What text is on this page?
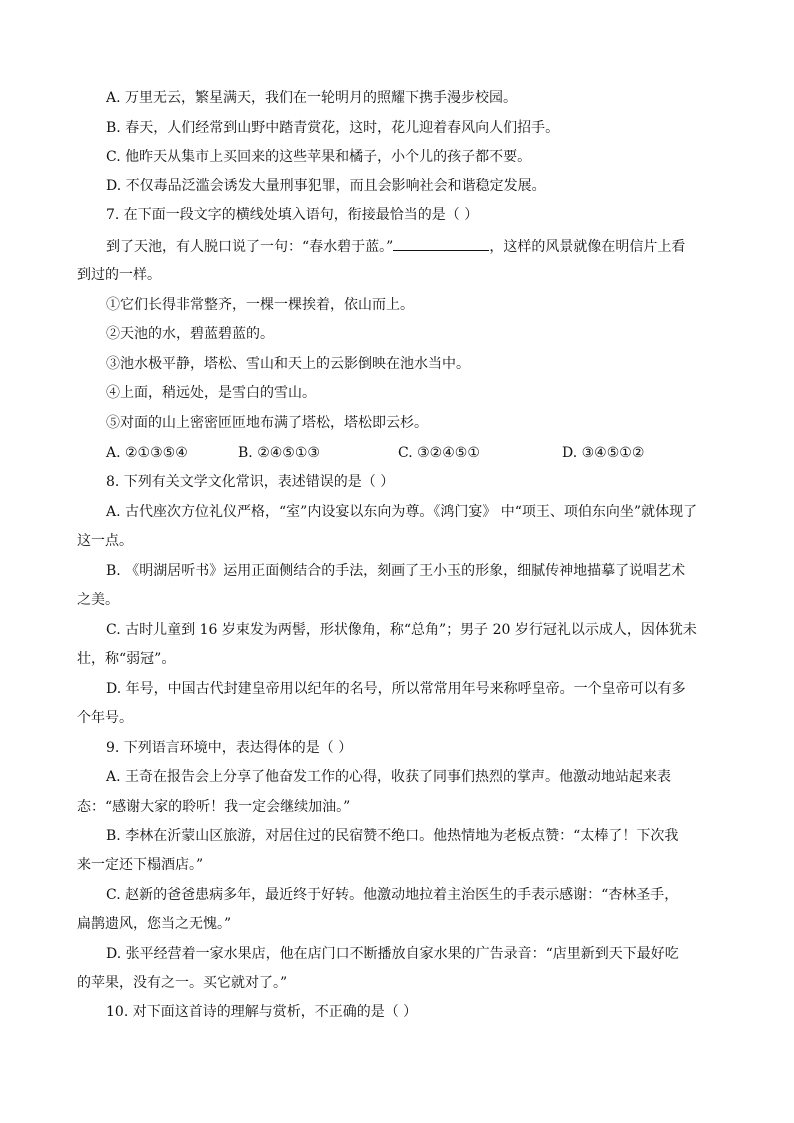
A. 万里无云，繁星满天，我们在一轮明月的照耀下携手漫步校园。
B. 春天，人们经常到山野中踏青赏花，这时，花儿迎着春风向人们招手。
C. 他昨天从集市上买回来的这些苹果和橘子，小个儿的孩子都不要。
D. 不仅毒品泛滥会诱发大量刑事犯罪，而且会影响社会和谐稳定发展。
7. 在下面一段文字的横线处填入语句，衔接最恰当的是（ ）
到了天池，有人脱口说了一句：“春水碧于蓝。”	，这样的风景就像在明信片上看
到过的一样。
①它们长得非常整齐，一棵一棵挨着，依山而上。
②天池的水，碧蓝碧蓝的。
③池水极平静，塔松、雪山和天上的云影倒映在池水当中。
④上面，稍远处，是雪白的雪山。
⑤对面的山上密密匝匝地布满了塔松，塔松即云杉。
A. ②①③⑤④	B. ②④⑤①③	C. ③②④⑤①	D. ③④⑤①②
8. 下列有关文学文化常识，表述错误的是（ ）
A. 古代座次方位礼仪严格，“室”内设宴以东向为尊。《鸿门宴》 中“项王、项伯东向坐”就体现了
这一点。
B. 《明湖居听书》运用正面侧结合的手法，刻画了王小玉的形象，细腻传神地描摹了说唱艺术
之美。
C. 古时儿童到 16 岁束发为两髻，形状像角，称“总角”；男子 20 岁行冠礼以示成人，因体犹未
壮，称“弱冠”。
D. 年号，中国古代封建皇帝用以纪年的名号，所以常常用年号来称呼皇帝。一个皇帝可以有多
个年号。
9. 下列语言环境中，表达得体的是（ ）
A. 王奇在报告会上分享了他奋发工作的心得，收获了同事们热烈的掌声。他激动地站起来表
态：“感谢大家的聆听！我一定会继续加油。”
B. 李林在沂蒙山区旅游，对居住过的民宿赞不绝口。他热情地为老板点赞：“太棒了！下次我
来一定还下榻酒店。”
C. 赵新的爸爸患病多年，最近终于好转。他激动地拉着主治医生的手表示感谢：“杏林圣手，
扁鹊遗风，您当之无愧。”
D. 张平经营着一家水果店，他在店门口不断播放自家水果的广告录音：“店里新到天下最好吃
的苹果，没有之一。买它就对了。”
10. 对下面这首诗的理解与赏析，不正确的是（ ）
